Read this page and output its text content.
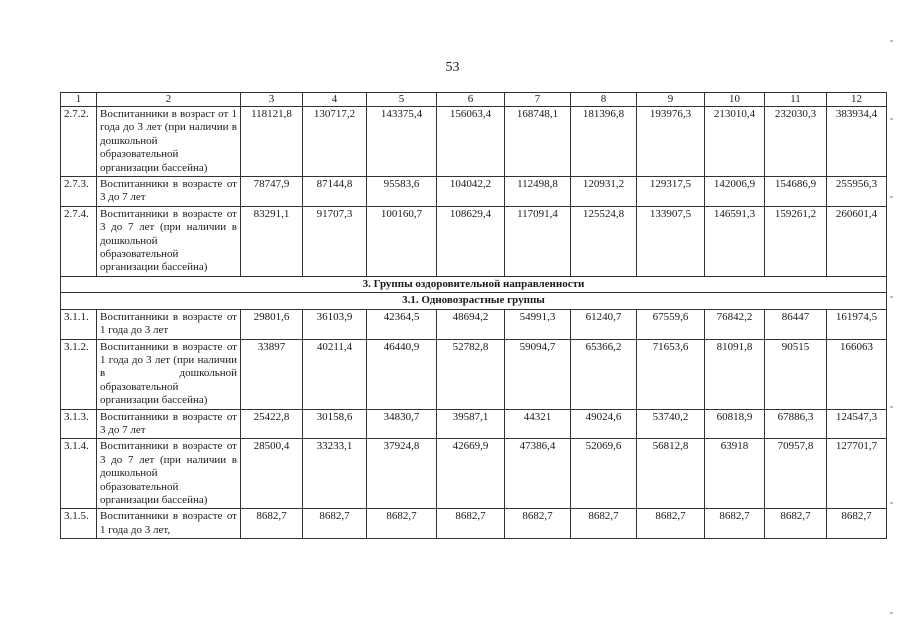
53
1	2	3	4	5	6	7	8	9	10	11	12
2.7.2.	Воспитанники в возраст от 1 года до 3 лет (при наличии в дошкольной образовательной организации бассейна)	118121,8	130717,2	143375,4	156063,4	168748,1	181396,8	193976,3	213010,4	232030,3	383934,4
2.7.3.	Воспитанники в возрасте от 3 до 7 лет	78747,9	87144,8	95583,6	104042,2	112498,8	120931,2	129317,5	142006,9	154686,9	255956,3
2.7.4.	Воспитанники в возрасте от 3 до 7 лет (при наличии в дошкольной образовательной организации бассейна)	83291,1	91707,3	100160,7	108629,4	117091,4	125524,8	133907,5	146591,3	159261,2	260601,4
3. Группы оздоровительной направленности											
3.1. Одновозрастные группы											
3.1.1.	Воспитанники в возрасте от 1 года до 3 лет	29801,6	36103,9	42364,5	48694,2	54991,3	61240,7	67559,6	76842,2	86447	161974,5
3.1.2.	Воспитанники в возрасте от 1 года до 3 лет (при наличии в дошкольной образовательной организации бассейна)	33897	40211,4	46440,9	52782,8	59094,7	65366,2	71653,6	81091,8	90515	166063
3.1.3.	Воспитанники в возрасте от 3 до 7 лет	25422,8	30158,6	34830,7	39587,1	44321	49024,6	53740,2	60818,9	67886,3	124547,3
3.1.4.	Воспитанники в возрасте от 3 до 7 лет (при наличии в дошкольной образовательной организации бассейна)	28500,4	33233,1	37924,8	42669,9	47386,4	52069,6	56812,8	63918	70957,8	127701,7
3.1.5.	Воспитанники в возрасте от 1 года до 3 лет,	8682,7	8682,7	8682,7	8682,7	8682,7	8682,7	8682,7	8682,7	8682,7	8682,7
